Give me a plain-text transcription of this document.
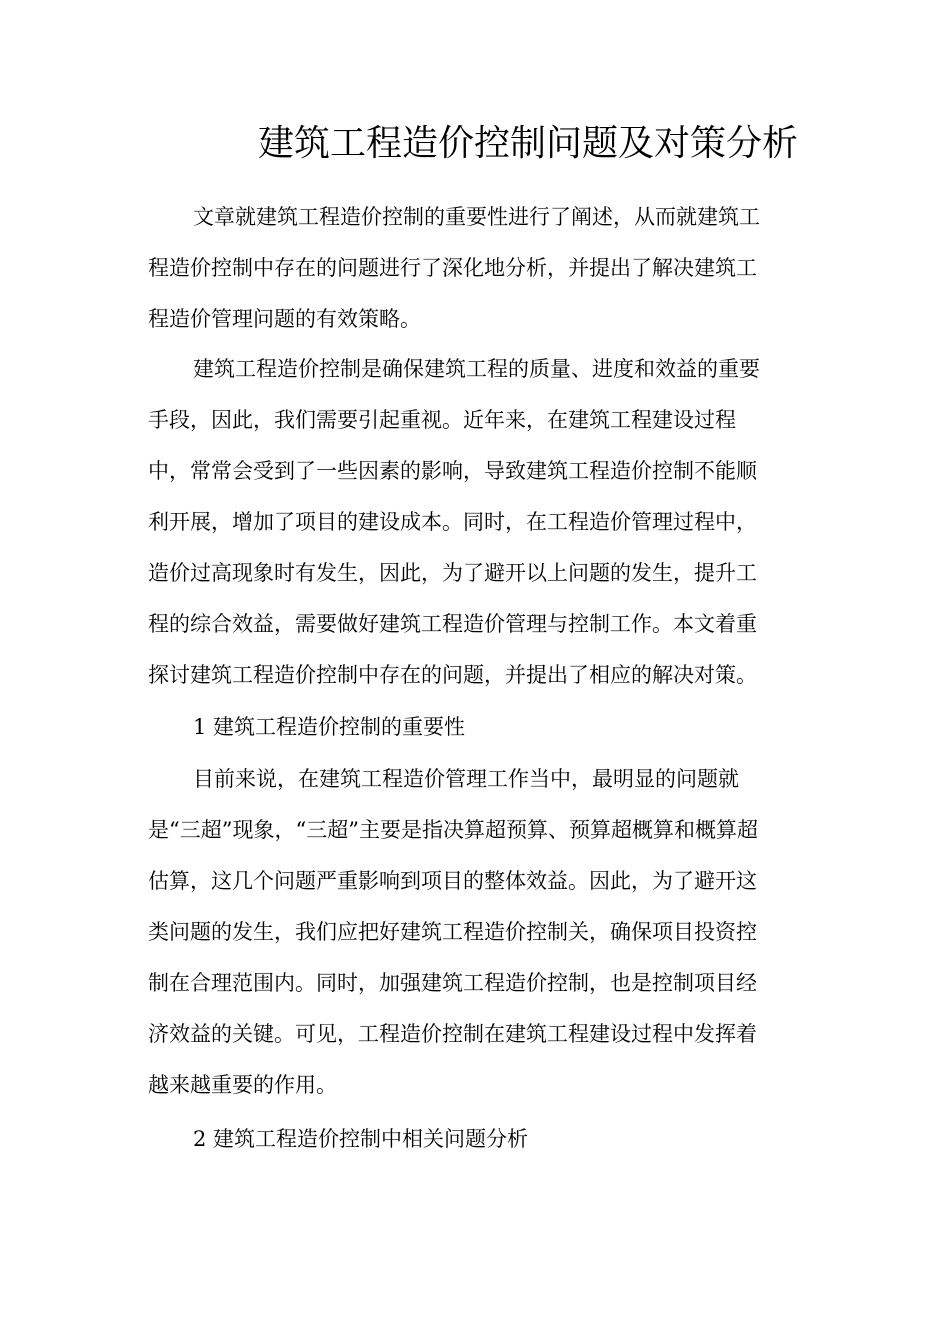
建筑工程造价控制问题及对策分析
文章就建筑工程造价控制的重要性进行了阐述，从而就建筑工
程造价控制中存在的问题进行了深化地分析，并提出了解决建筑工
程造价管理问题的有效策略。
建筑工程造价控制是确保建筑工程的质量、进度和效益的重要
手段，因此，我们需要引起重视。近年来，在建筑工程建设过程
中，常常会受到了一些因素的影响，导致建筑工程造价控制不能顺
利开展，增加了项目的建设成本。同时，在工程造价管理过程中，
造价过高现象时有发生，因此，为了避开以上问题的发生，提升工
程的综合效益，需要做好建筑工程造价管理与控制工作。本文着重
探讨建筑工程造价控制中存在的问题，并提出了相应的解决对策。
1 建筑工程造价控制的重要性
目前来说，在建筑工程造价管理工作当中，最明显的问题就
是“三超”现象，“三超”主要是指决算超预算、预算超概算和概算超
估算，这几个问题严重影响到项目的整体效益。因此，为了避开这
类问题的发生，我们应把好建筑工程造价控制关，确保项目投资控
制在合理范围内。同时，加强建筑工程造价控制，也是控制项目经
济效益的关键。可见，工程造价控制在建筑工程建设过程中发挥着
越来越重要的作用。
2 建筑工程造价控制中相关问题分析
